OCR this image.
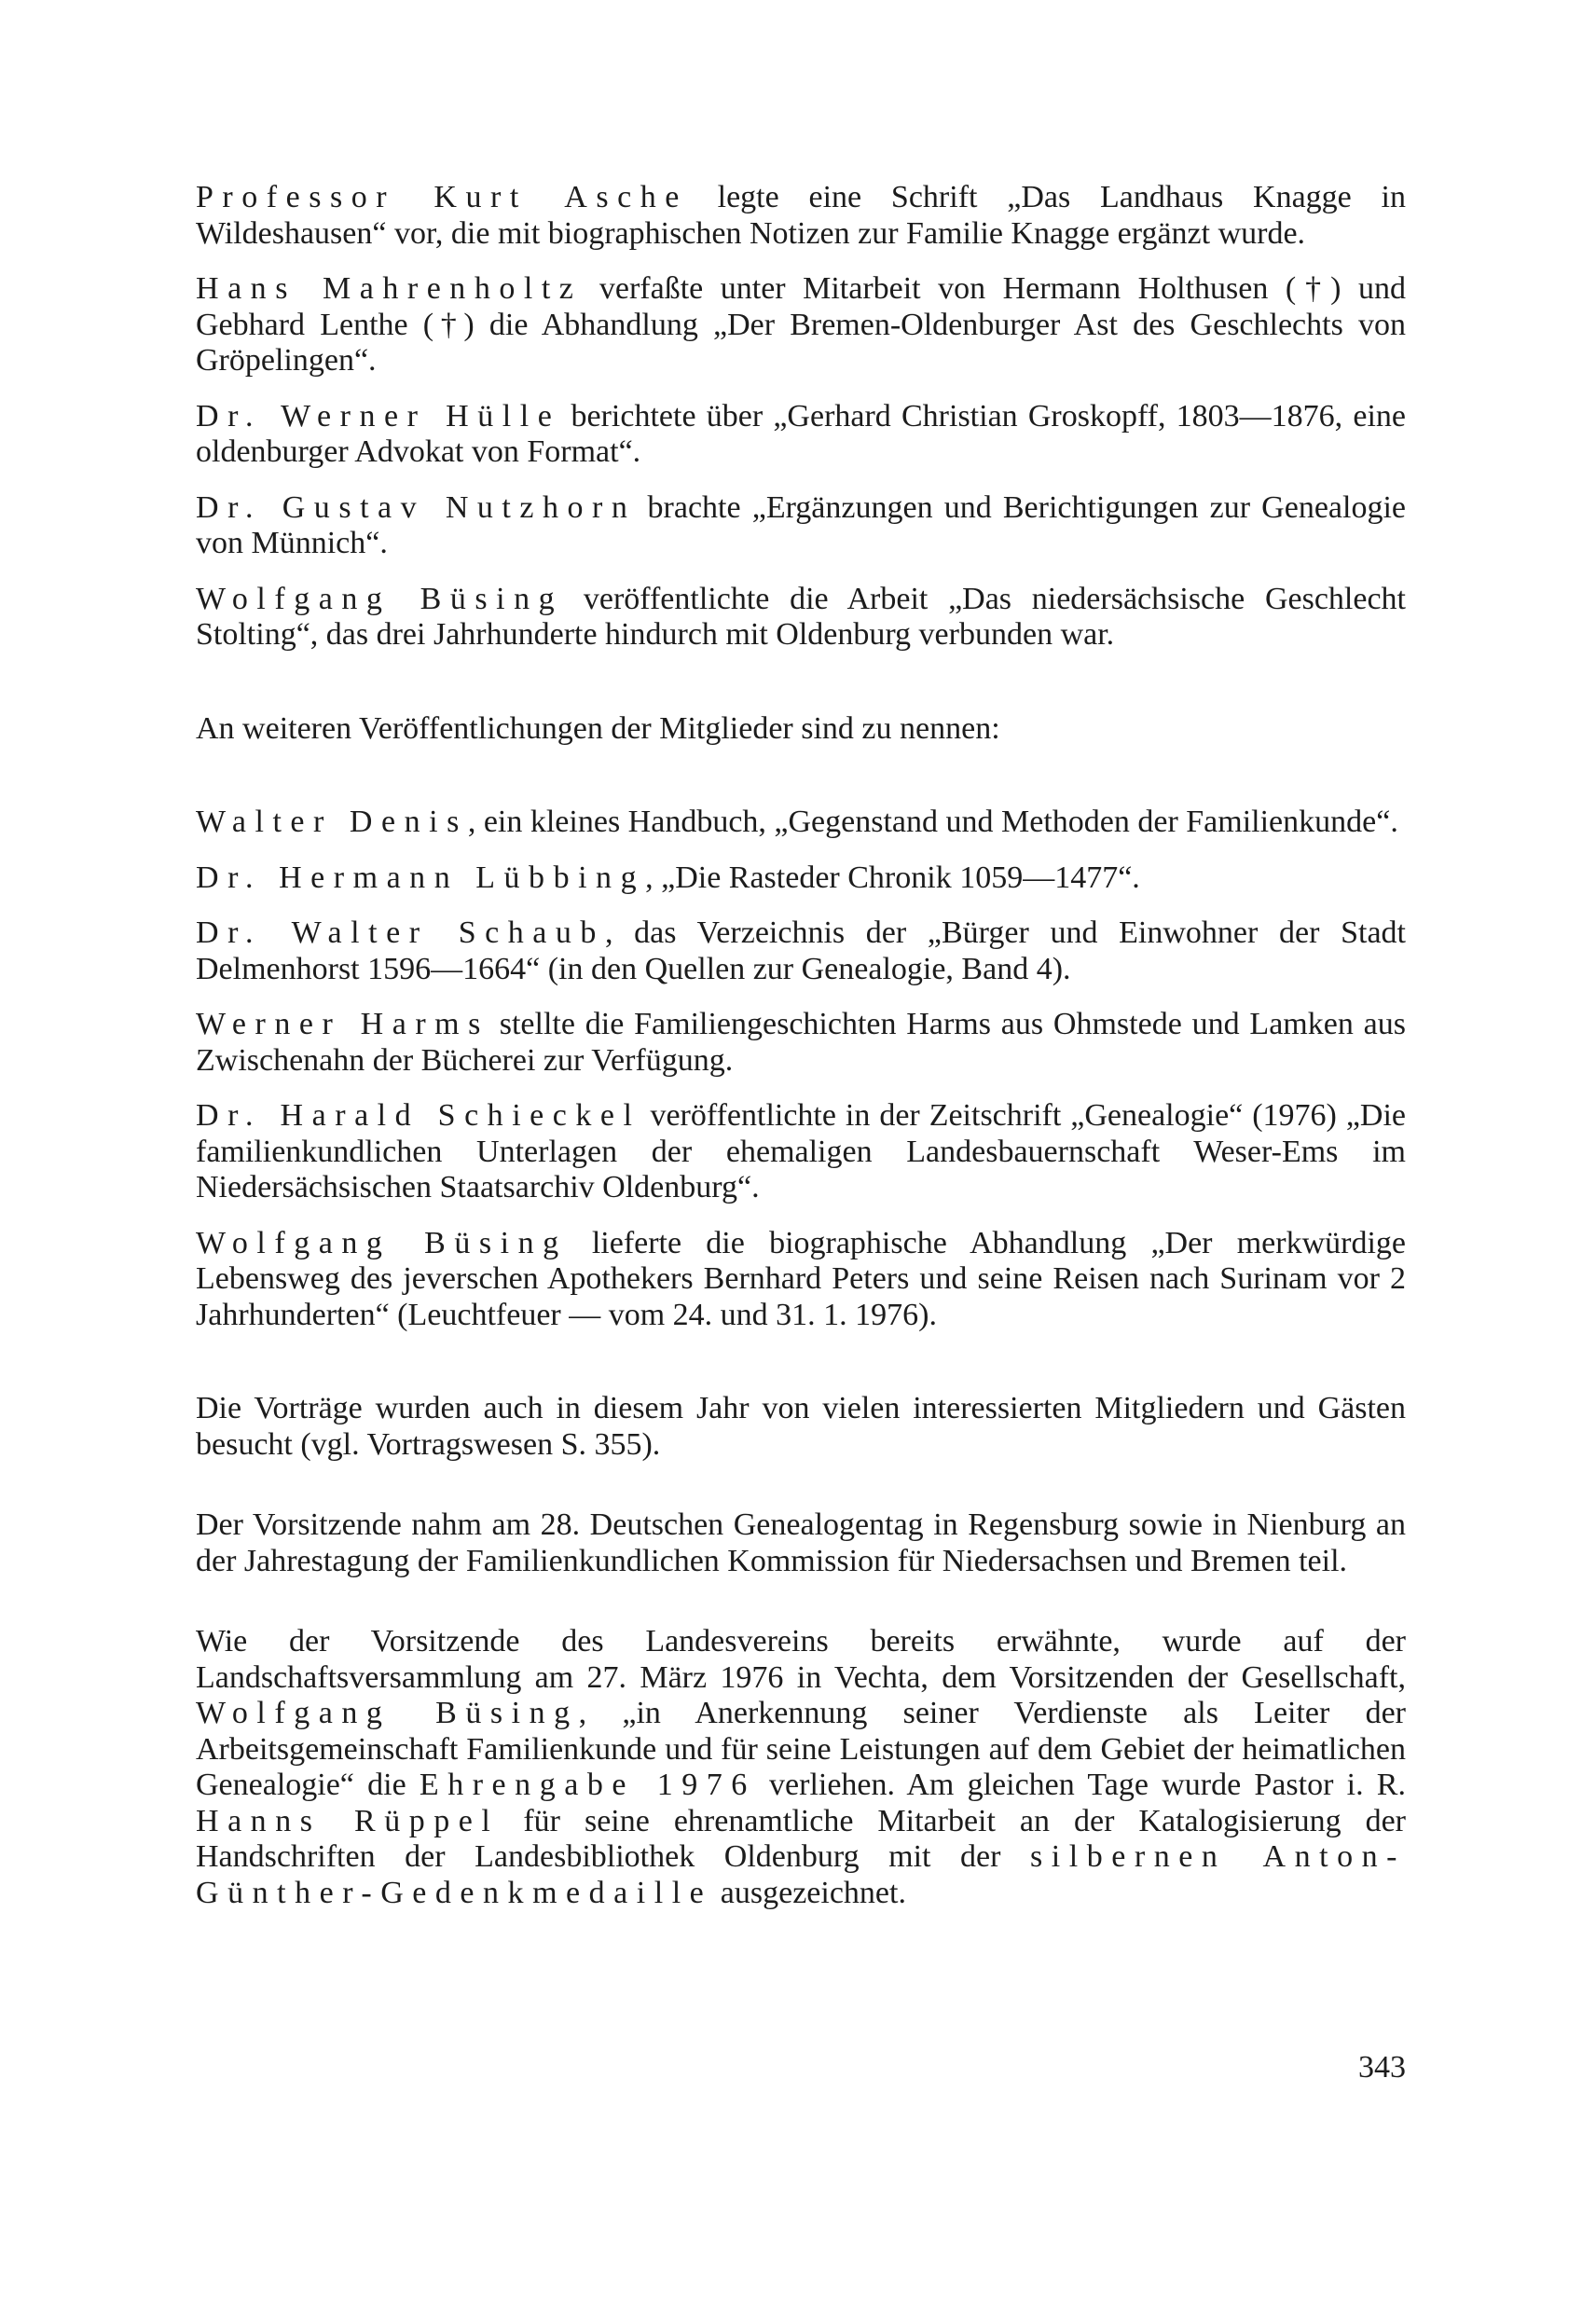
Professor Kurt Asche legte eine Schrift „Das Landhaus Knagge in Wildeshausen“ vor, die mit biographischen Notizen zur Familie Knagge ergänzt wurde.

Hans Mahrenholtz verfaßte unter Mitarbeit von Hermann Holthusen (†) und Gebhard Lenthe (†) die Abhandlung „Der Bremen-Oldenburger Ast des Geschlechts von Gröpelingen“.

Dr. Werner Hülle berichtete über „Gerhard Christian Groskopff, 1803—1876, eine oldenburger Advokat von Format“.

Dr. Gustav Nutzhorn brachte „Ergänzungen und Berichtigungen zur Genealogie von Münnich“.

Wolfgang Büsing veröffentlichte die Arbeit „Das niedersächsische Geschlecht Stolting“, das drei Jahrhunderte hindurch mit Oldenburg verbunden war.

An weiteren Veröffentlichungen der Mitglieder sind zu nennen:

Walter Denis, ein kleines Handbuch, „Gegenstand und Methoden der Familienkunde“.

Dr. Hermann Lübbing, „Die Rasteder Chronik 1059—1477“.

Dr. Walter Schaub, das Verzeichnis der „Bürger und Einwohner der Stadt Delmenhorst 1596—1664“ (in den Quellen zur Genealogie, Band 4).

Werner Harms stellte die Familiengeschichten Harms aus Ohmstede und Lamken aus Zwischenahn der Bücherei zur Verfügung.

Dr. Harald Schieckel veröffentlichte in der Zeitschrift „Genealogie“ (1976) „Die familienkundlichen Unterlagen der ehemaligen Landesbauernschaft Weser-Ems im Niedersächsischen Staatsarchiv Oldenburg“.

Wolfgang Büsing lieferte die biographische Abhandlung „Der merkwürdige Lebensweg des jeverschen Apothekers Bernhard Peters und seine Reisen nach Surinam vor 2 Jahrhunderten“ (Leuchtfeuer — vom 24. und 31. 1. 1976).

Die Vorträge wurden auch in diesem Jahr von vielen interessierten Mitgliedern und Gästen besucht (vgl. Vortragswesen S. 355).

Der Vorsitzende nahm am 28. Deutschen Genealogentag in Regensburg sowie in Nienburg an der Jahrestagung der Familienkundlichen Kommission für Niedersachsen und Bremen teil.

Wie der Vorsitzende des Landesvereins bereits erwähnte, wurde auf der Landschaftsversammlung am 27. März 1976 in Vechta, dem Vorsitzenden der Gesellschaft, Wolfgang Büsing, „in Anerkennung seiner Verdienste als Leiter der Arbeitsgemeinschaft Familienkunde und für seine Leistungen auf dem Gebiet der heimatlichen Genealogie“ die Ehrengabe 1976 verliehen. Am gleichen Tage wurde Pastor i. R. Hanns Rüppel für seine ehrenamtliche Mitarbeit an der Katalogisierung der Handschriften der Landesbibliothek Oldenburg mit der silbernen Anton-Günther-Gedenkmedaille ausgezeichnet.

343
